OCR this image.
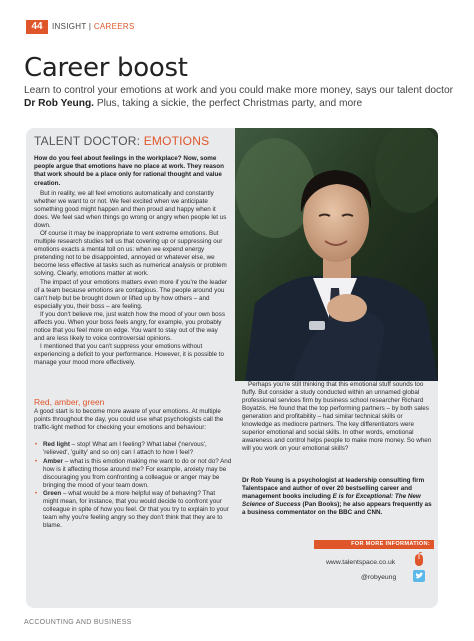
44	INSIGHT | CAREERS
Career boost

Learn to control your emotions at work and you could make more money, says our talent doctor Dr Rob Yeung. Plus, taking a sickie, the perfect Christmas party, and more

TALENT DOCTOR: EMOTIONS

How do you feel about feelings in the workplace? Now, some people argue that emotions have no place at work. They reason that work should be a place only for rational thought and value creation.

But in reality, we all feel emotions automatically and constantly whether we want to or not. We feel excited when we anticipate something good might happen and then proud and happy when it does. We feel sad when things go wrong or angry when people let us down.

Of course it may be inappropriate to vent extreme emotions. But multiple research studies tell us that covering up or suppressing our emotions exacts a mental toll on us: when we expend energy pretending not to be disappointed, annoyed or whatever else, we become less effective at tasks such as numerical analysis or problem solving. Clearly, emotions matter at work.

The impact of your emotions matters even more if you're the leader of a team because emotions are contagious. The people around you can't help but be brought down or lifted up by how others – and especially you, their boss – are feeling.

If you don't believe me, just watch how the mood of your own boss affects you. When your boss feels angry, for example, you probably notice that you feel more on edge. You want to stay out of the way and are less likely to voice controversial opinions.

I mentioned that you can't suppress your emotions without experiencing a deficit to your performance. However, it is possible to manage your mood more effectively.

Red, amber, green

A good start is to become more aware of your emotions. At multiple points throughout the day, you could use what psychologists call the traffic-light method for checking your emotions and behaviour:

• Red light – stop! What am I feeling? What label ('nervous', 'relieved', 'guilty' and so on) can I attach to how I feel?
• Amber – what is this emotion making me want to do or not do? And how is it affecting those around me? For example, anxiety may be discouraging you from confronting a colleague or anger may be bringing the mood of your team down.
• Green – what would be a more helpful way of behaving? That might mean, for instance, that you would decide to confront your colleague in spite of how you feel. Or that you try to explain to your team why you're feeling angry so they don't think that they are to blame.

Perhaps you're still thinking that this emotional stuff sounds too fluffy. But consider a study conducted within an unnamed global professional services firm by business school researcher Richard Boyatzis. He found that the top performing partners – by both sales generation and profitability – had similar technical skills or knowledge as mediocre partners. The key differentiators were superior emotional and social skills. In other words, emotional awareness and control helps people to make more money. So when will you work on your emotional skills?

Dr Rob Yeung is a psychologist at leadership consulting firm Talentspace and author of over 20 bestselling career and management books including E is for Exceptional: The New Science of Success (Pan Books); he also appears frequently as a business commentator on the BBC and CNN.

FOR MORE INFORMATION:
www.talentspace.co.uk
@robyeung
ACCOUNTING AND BUSINESS
